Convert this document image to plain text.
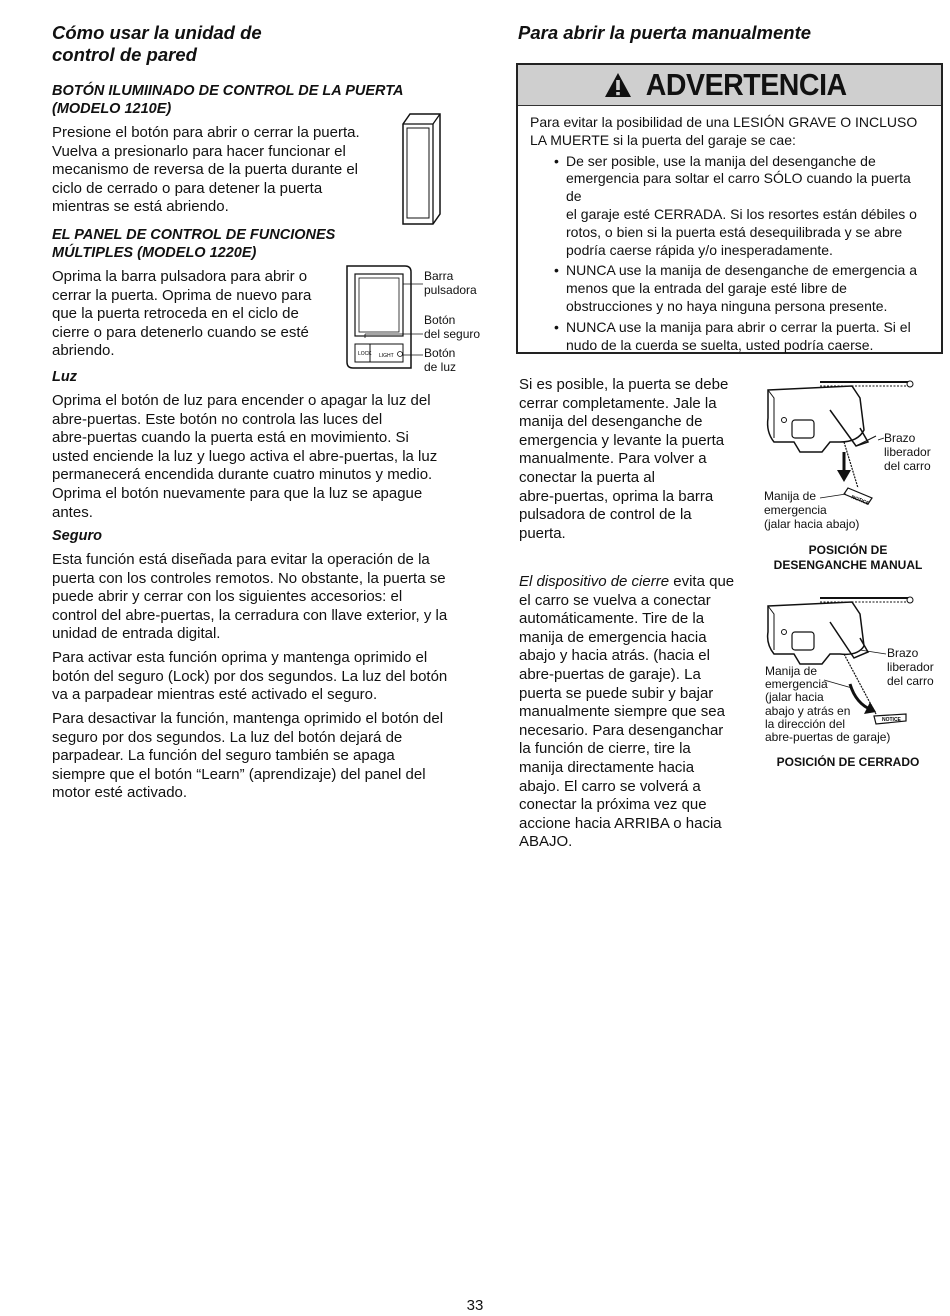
Cómo usar la unidad de
control de pared
BOTÓN ILUMIINADO DE CONTROL DE LA PUERTA
(MODELO 1210E)

Presione el botón para abrir o cerrar la puerta.
Vuelva a presionarlo para hacer funcionar el
mecanismo de reversa de la puerta durante el
ciclo de cerrado o para detener la puerta
mientras se está abriendo.

EL PANEL DE CONTROL DE FUNCIONES
MÚLTIPLES (MODELO 1220E)

Oprima la barra pulsadora para abrir o
cerrar la puerta. Oprima de nuevo para
que la puerta retroceda en el ciclo de
cierre o para detenerlo cuando se esté
abriendo.	LOCK LIGHT
Barra
pulsadora
Botón
del seguro
Botón
de luz
Luz

Oprima el botón de luz para encender o apagar la luz del
abre-puertas. Este botón no controla las luces del
abre-puertas cuando la puerta está en movimiento. Si
usted enciende la luz y luego activa el abre-puertas, la luz
permanecerá encendida durante cuatro minutos y medio.
Oprima el botón nuevamente para que la luz se apague
antes.

Seguro

Esta función está diseñada para evitar la operación de la
puerta con los controles remotos. No obstante, la puerta se
puede abrir y cerrar con los siguientes accesorios: el
control del abre-puertas, la cerradura con llave exterior, y la
unidad de entrada digital.

Para activar esta función oprima y mantenga oprimido el
botón del seguro (Lock) por dos segundos. La luz del botón
va a parpadear mientras esté activado el seguro.

Para desactivar la función, mantenga oprimido el botón del
seguro por dos segundos. La luz del botón dejará de
parpadear. La función del seguro también se apaga
siempre que el botón “Learn” (aprendizaje) del panel del
motor esté activado.

Para abrir la puerta manualmente
ADVERTENCIA
Para evitar la posibilidad de una LESIÓN GRAVE O INCLUSO
LA MUERTE si la puerta del garaje se cae:
• De ser posible, use la manija del desenganche de
emergencia para soltar el carro SÓLO cuando la puerta de
el garaje esté CERRADA. Si los resortes están débiles o
rotos, o bien si la puerta está desequilibrada y se abre
podría caerse rápida y/o inesperadamente.
• NUNCA use la manija de desenganche de emergencia a
menos que la entrada del garaje esté libre de
obstrucciones y no haya ninguna persona presente.
• NUNCA use la manija para abrir o cerrar la puerta. Si el
nudo de la cuerda se suelta, usted podría caerse.

Si es posible, la puerta se debe
cerrar completamente. Jale la
manija del desenganche de
emergencia y levante la puerta
manualmente. Para volver a
conectar la puerta al
abre-puertas, oprima la barra
pulsadora de control de la
puerta.

El dispositivo de cierre evita que
el carro se vuelva a conectar
automáticamente. Tire de la
manija de emergencia hacia
abajo y hacia atrás. (hacia el
abre-puertas de garaje). La
puerta se puede subir y bajar
manualmente siempre que sea
necesario. Para desenganchar
la función de cierre, tire la
manija directamente hacia
abajo. El carro se volverá a
conectar la próxima vez que
accione hacia ARRIBA o hacia
ABAJO.

NOTICE
Brazo
liberador
del carro
Manija de
emergencia
(jalar hacia abajo)
POSICIÓN DE
DESENGANCHE MANUAL
NOTICE
Brazo
liberador
del carro
Manija de
emergencia
(jalar hacia
abajo y atrás en
la dirección del
abre-puertas de garaje)
POSICIÓN DE CERRADO
33
